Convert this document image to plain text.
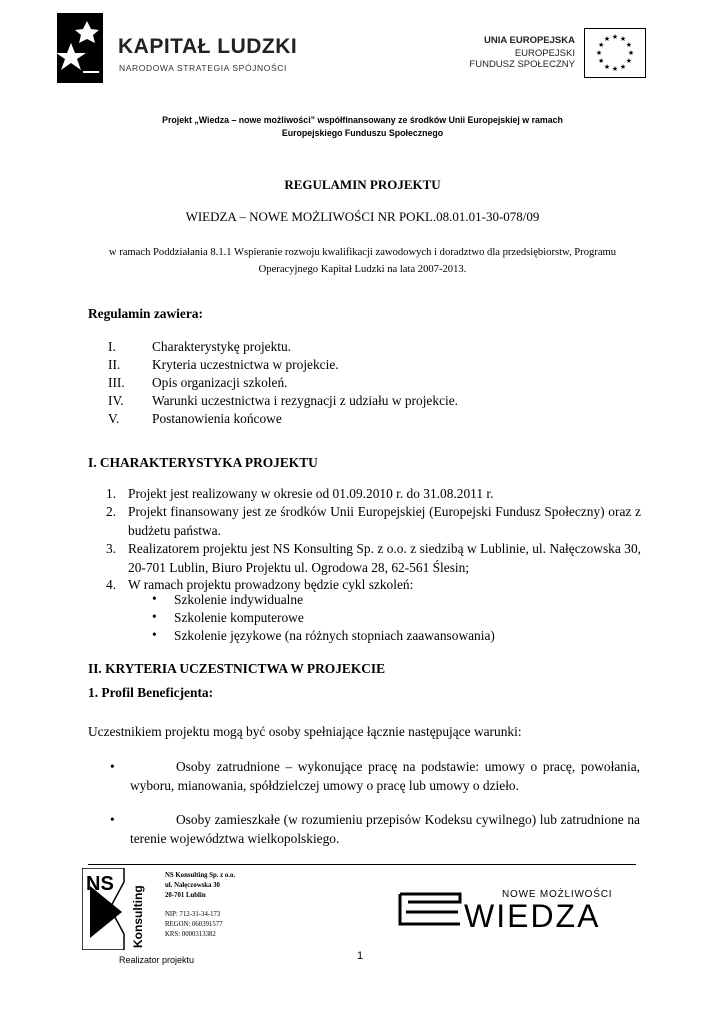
KAPITAŁ LUDZKI
NARODOWA STRATEGIA SPÓJNOŚCI
UNIA EUROPEJSKA
EUROPEJSKI
FUNDUSZ SPOŁECZNY
★
★
★
★
★
★
★
★
★ ★ ★
★
Projekt „Wiedza – nowe możliwości” współfinansowany ze środków Unii Europejskiej w ramach
Europejskiego Funduszu Społecznego
REGULAMIN PROJEKTU
WIEDZA – NOWE MOŻLIWOŚCI NR POKL.08.01.01-30-078/09
w ramach Poddziałania 8.1.1 Wspieranie rozwoju kwalifikacji zawodowych i doradztwo dla przedsiębiorstw, Programu
Operacyjnego Kapitał Ludzki na lata 2007-2013.
Regulamin zawiera:
I.	Charakterystykę projektu.
II. Kryteria uczestnictwa w projekcie.
III. Opis organizacji szkoleń.
IV. Warunki uczestnictwa i rezygnacji z udziału w projekcie.
V. Postanowienia końcowe
I. CHARAKTERYSTYKA PROJEKTU
1. Projekt jest realizowany w okresie od 01.09.2010 r. do 31.08.2011 r.
2. Projekt finansowany jest ze środków Unii Europejskiej (Europejski Fundusz Społeczny) oraz z budżetu państwa.
3. Realizatorem projektu jest NS Konsulting Sp. z o.o. z siedzibą w Lublinie, ul. Nałęczowska 30, 20-701 Lublin, Biuro Projektu ul. Ogrodowa 28, 62-561 Ślesin;
4. W ramach projektu prowadzony będzie cykl szkoleń:
• Szkolenie indywidualne
• Szkolenie komputerowe
• Szkolenie językowe (na różnych stopniach zaawansowania)
II. KRYTERIA UCZESTNICTWA W PROJEKCIE
1. Profil Beneficjenta:
Uczestnikiem projektu mogą być osoby spełniające łącznie następujące warunki:
•	Osoby zatrudnione – wykonujące pracę na podstawie: umowy o pracę, powołania, wyboru, mianowania, spółdzielczej umowy o pracę lub umowy o dzieło.
•	Osoby zamieszkałe (w rozumieniu przepisów Kodeksu cywilnego) lub zatrudnione na terenie województwa wielkopolskiego.
NS
Konsulting
NS Konsulting Sp. z o.o.
ul. Nałęczowska 30
20-701 Lublin
NIP: 712-31-34-173
REGON: 060391577
KRS: 0000313382
NOWE MOŻLIWOŚCI
WIEDZA
Realizator projektu	1
